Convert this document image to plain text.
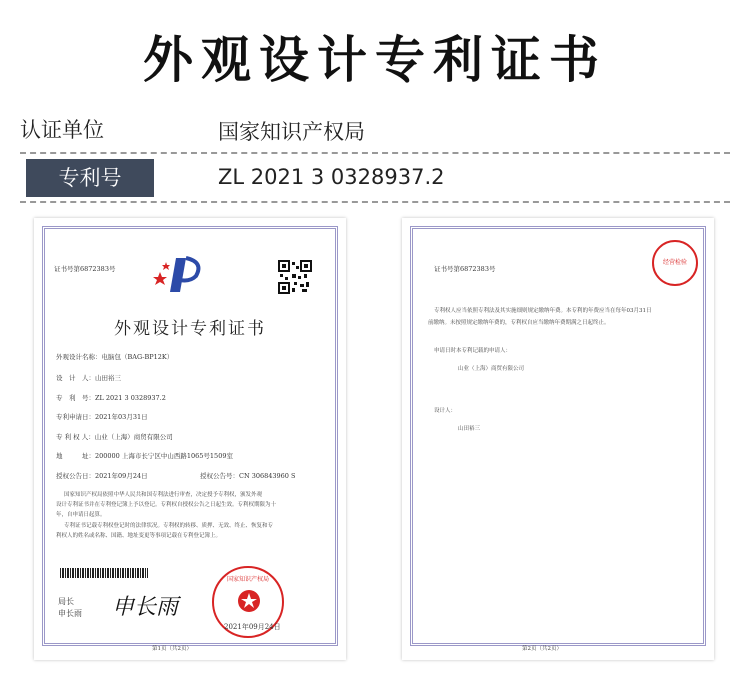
外观设计专利证书
认证单位	国家知识产权局
专利号	ZL 2021 3 0328937.2
证书号第6872383号
外观设计专利证书
外观设计名称：电脑包（BAG-BP12K）
设　计　人：山田裕三
专　利　号：ZL 2021 3 0328937.2
专利申请日：2021年03月31日
专 利 权 人：山业（上海）商贸有限公司
地　　　址：200000 上海市长宁区中山西路1065号1509室
授权公告日：2021年09月24日	授权公告号：CN 306843960 S
国家知识产权局依照中华人民共和国专利法进行审查，决定授予专利权，颁发外观
设计专利证书并在专利登记簿上予以登记。专利权自授权公告之日起生效。专利权期限为十
年，自申请日起算。
专利证书记载专利权登记时的法律状况。专利权的转移、质押、无效、终止、恢复和专
利权人的姓名或名称、国籍、地址变更等事项记载在专利登记簿上。
局长
申长雨 申长雨
国家知识产权局
2021年09月24日
第1页（共2页）
证书号第6872383号
经营检验
专利权人应当依照专利法及其实施细则规定缴纳年费。本专利的年费应当在每年03月31日
前缴纳。未按照规定缴纳年费的，专利权自应当缴纳年费期满之日起终止。
申请日时本专利记载的申请人：
山业（上海）商贸有限公司
设计人：
山田裕三
第2页（共2页）
